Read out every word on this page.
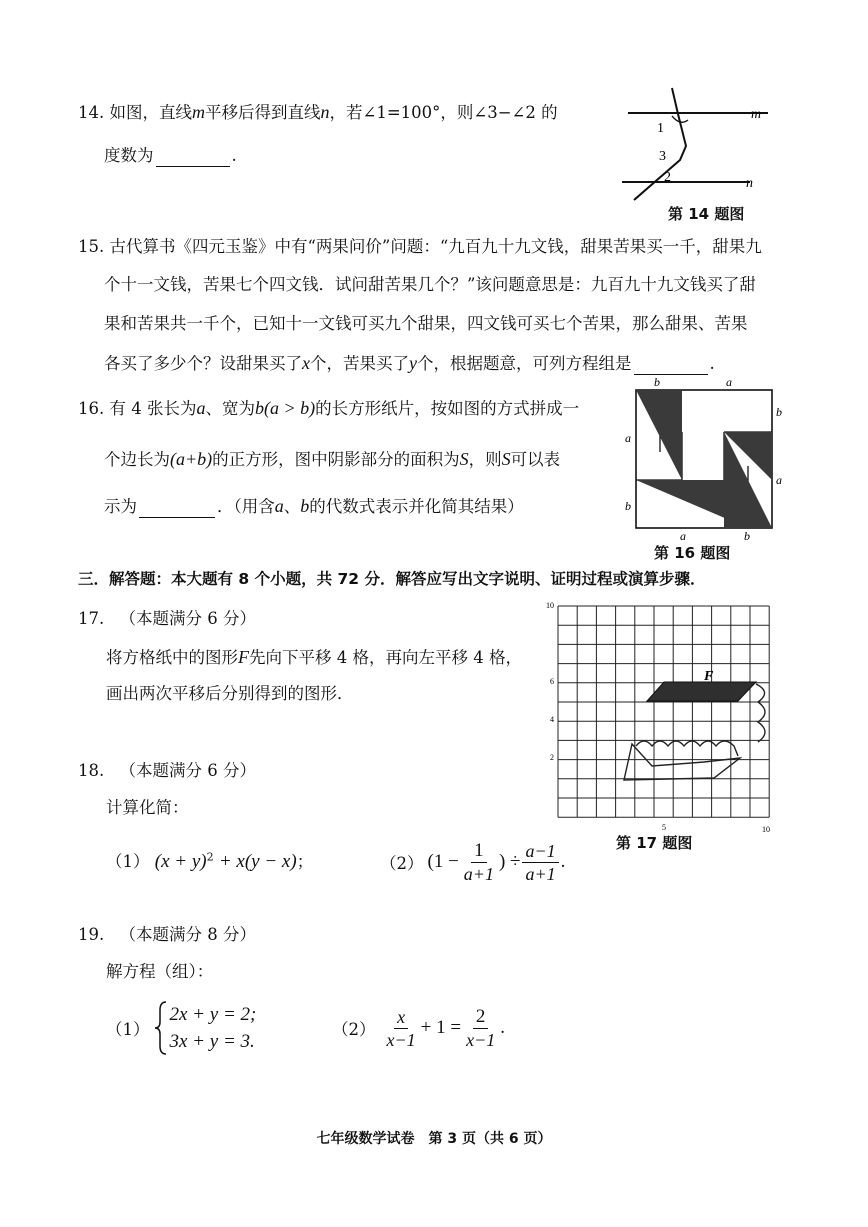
14. 如图，直线m平移后得到直线n，若∠1=100°，则∠3−∠2 的
度数为	.
1
3
2
m
n
第 14 题图
15. 古代算书《四元玉鉴》中有“两果问价”问题：“九百九十九文钱，甜果苦果买一千，甜果九
个十一文钱，苦果七个四文钱．试问甜苦果几个？”该问题意思是：九百九十九文钱买了甜
果和苦果共一千个，已知十一文钱可买九个甜果，四文钱可买七个苦果，那么甜果、苦果
各买了多少个？设甜果买了x个，苦果买了y个，根据题意，可列方程组是	.
16. 有 4 张长为a、宽为b(a > b)的长方形纸片，按如图的方式拼成一
个边长为(a+b)的正方形，图中阴影部分的面积为S，则S可以表
示为	．（用含a、b的代数式表示并化简其结果）
b	a
b
a
a
b
a	b
第 16 题图
三．解答题：本大题有 8 个小题，共 72 分．解答应写出文字说明、证明过程或演算步骤．
17. （本题满分 6 分）
将方格纸中的图形F先向下平移 4 格，再向左平移 4 格，
画出两次平移后分别得到的图形．
F
10
6
4
2
5	10
第 17 题图
18. （本题满分 6 分）
计算化简：
（1） $(x + y)^2 + x(y - x)$；	（2） ($1 - \frac{1}{a+1}$ ) ÷ $\frac{a-1}{a+1}$ .
19. （本题满分 8 分）
解方程（组）：
（1）
2x + y = 2;
3x + y = 3.
$(2) \frac{x}{x-1} + 1 = \frac{2}{x-1}$ .
七年级数学试卷　第 3 页（共 6 页）
